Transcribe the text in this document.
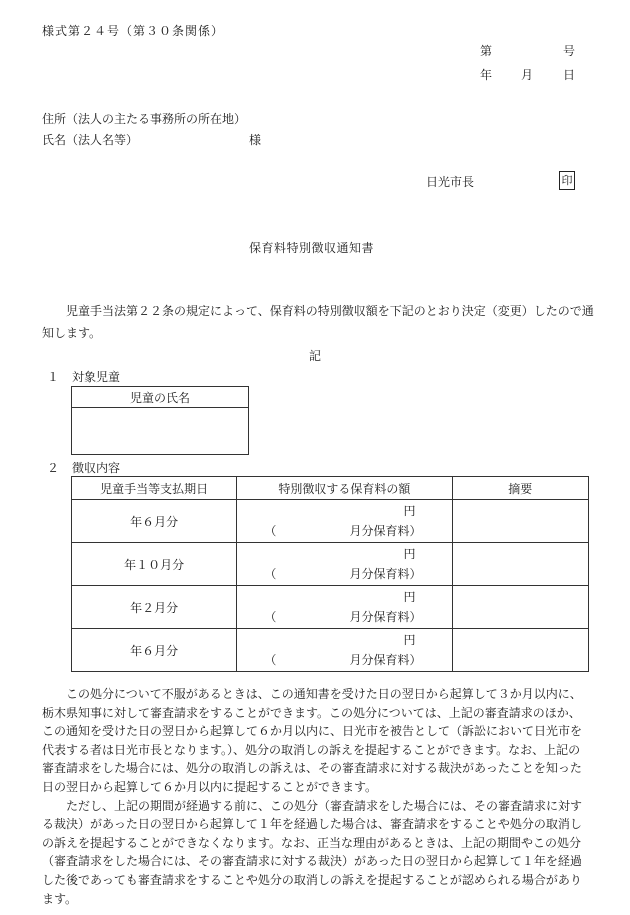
様式第２４号（第３０条関係）
第	号
年 月 日
住所（法人の主たる事務所の所在地）
氏名（法人名等）	様
日光市長	印
保育料特別徴収通知書
児童手当法第２２条の規定によって、保育料の特別徴収額を下記のとおり決定（変更）したので通知します。
記
１ 対象児童
児童の氏名

２ 徴収内容
児童手当等支払期日	特別徴収する保育料の額	摘要
年６月分	円
（ 月分保育料）	

年１０月分	円
（ 月分保育料）	

年２月分	円
（ 月分保育料）	

年６月分	円
（ 月分保育料）	

この処分について不服があるときは、この通知書を受けた日の翌日から起算して３か月以内に、栃木県知事に対して審査請求をすることができます。この処分については、上記の審査請求のほか、この通知を受けた日の翌日から起算して６か月以内に、日光市を被告として（訴訟において日光市を代表する者は日光市長となります。）、処分の取消しの訴えを提起することができます。なお、上記の審査請求をした場合には、処分の取消しの訴えは、その審査請求に対する裁決があったことを知った日の翌日から起算して６か月以内に提起することができます。

ただし、上記の期間が経過する前に、この処分（審査請求をした場合には、その審査請求に対する裁決）があった日の翌日から起算して１年を経過した場合は、審査請求をすることや処分の取消しの訴えを提起することができなくなります。なお、正当な理由があるときは、上記の期間やこの処分（審査請求をした場合には、その審査請求に対する裁決）があった日の翌日から起算して１年を経過した後であっても審査請求をすることや処分の取消しの訴えを提起することが認められる場合があります。
